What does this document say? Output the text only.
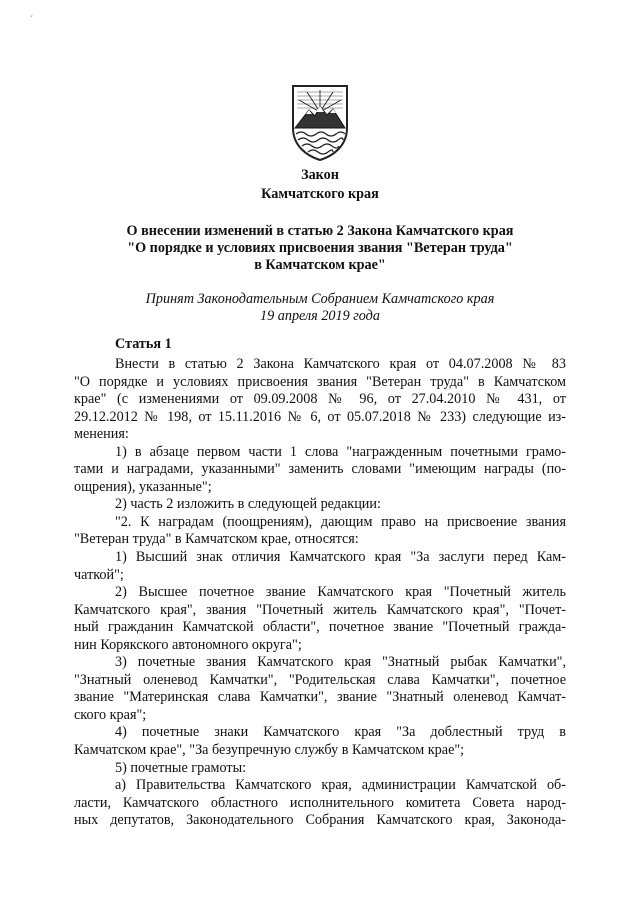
ˊ
Закон
Камчатского края
О внесении изменений в статью 2 Закона Камчатского края
"О порядке и условиях присвоения звания "Ветеран труда"
в Камчатском крае"
Принят Законодательным Собранием Камчатского края
19 апреля 2019 года
Статья 1
Внести в статью 2 Закона Камчатского края от 04.07.2008 № 83
"О порядке и условиях присвоения звания "Ветеран труда" в Камчатском
крае" (с изменениями от 09.09.2008 № 96, от 27.04.2010 № 431, от
29.12.2012 № 198, от 15.11.2016 № 6, от 05.07.2018 № 233) следующие из-
менения:
1) в абзаце первом части 1 слова "награжденным почетными грамо-
тами и наградами, указанными" заменить словами "имеющим награды (по-
ощрения), указанные";
2) часть 2 изложить в следующей редакции:
"2. К наградам (поощрениям), дающим право на присвоение звания
"Ветеран труда" в Камчатском крае, относятся:
1) Высший знак отличия Камчатского края "За заслуги перед Кам-
чаткой";
2) Высшее почетное звание Камчатского края "Почетный житель
Камчатского края", звания "Почетный житель Камчатского края", "Почет-
ный гражданин Камчатской области", почетное звание "Почетный гражда-
нин Корякского автономного округа";
3) почетные звания Камчатского края "Знатный рыбак Камчатки",
"Знатный оленевод Камчатки", "Родительская слава Камчатки", почетное
звание "Материнская слава Камчатки", звание "Знатный оленевод Камчат-
ского края";
4) почетные знаки Камчатского края "За доблестный труд в
Камчатском крае", "За безупречную службу в Камчатском крае";
5) почетные грамоты:
а) Правительства Камчатского края, администрации Камчатской об-
ласти, Камчатского областного исполнительного комитета Совета народ-
ных депутатов, Законодательного Собрания Камчатского края, Законода-
